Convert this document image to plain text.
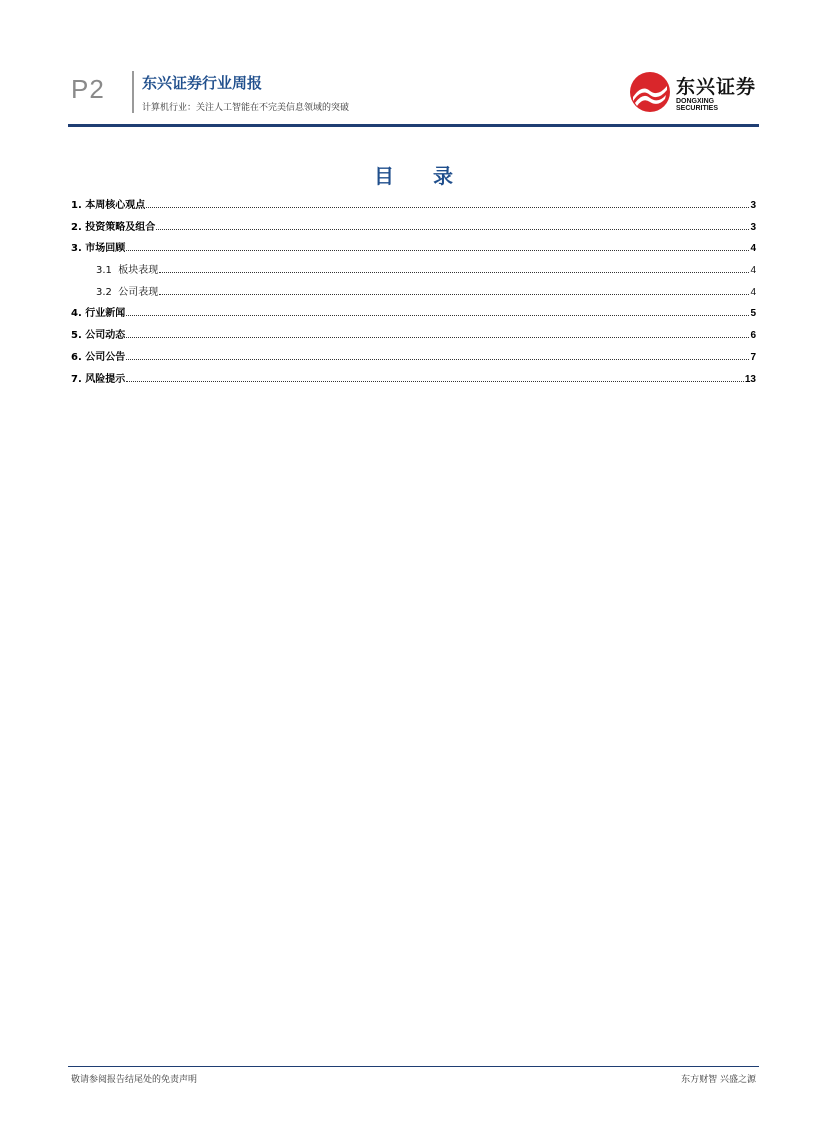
P2 东兴证券行业周报
计算机行业：关注人工智能在不完美信息领域的突破
东兴证券
DONGXING SECURITIES
目 录
1. 本周核心观点	3
2. 投资策略及组合	3
3. 市场回顾	4
3.1 板块表现	4
3.2 公司表现	4
4. 行业新闻	5
5. 公司动态	6
6. 公司公告	7
7. 风险提示	13
敬请参阅报告结尾处的免责声明	东方财智 兴盛之源
